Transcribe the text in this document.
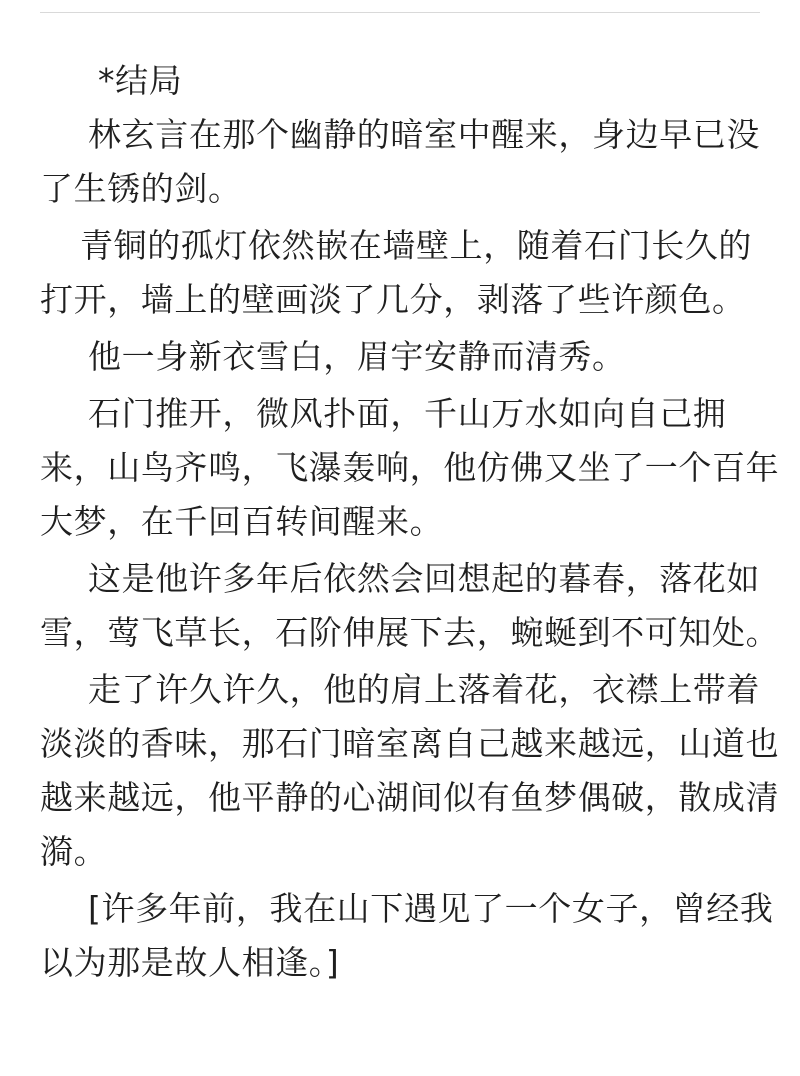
*结局
林玄言在那个幽静的暗室中醒来，身边早已没
了生锈的剑。
青铜的孤灯依然嵌在墙壁上，随着石门长久的
打开，墙上的壁画淡了几分，剥落了些许颜色。
他一身新衣雪白，眉宇安静而清秀。
石门推开，微风扑面，千山万水如向自己拥
来，山鸟齐鸣，飞瀑轰响，他仿佛又坐了一个百年
大梦，在千回百转间醒来。
这是他许多年后依然会回想起的暮春，落花如
雪，莺飞草长，石阶伸展下去，蜿蜒到不可知处。
走了许久许久，他的肩上落着花，衣襟上带着
淡淡的香味，那石门暗室离自己越来越远，山道也
越来越远，他平静的心湖间似有鱼梦偶破，散成清
漪。
[许多年前，我在山下遇见了一个女子，曾经我
以为那是故人相逢。]
